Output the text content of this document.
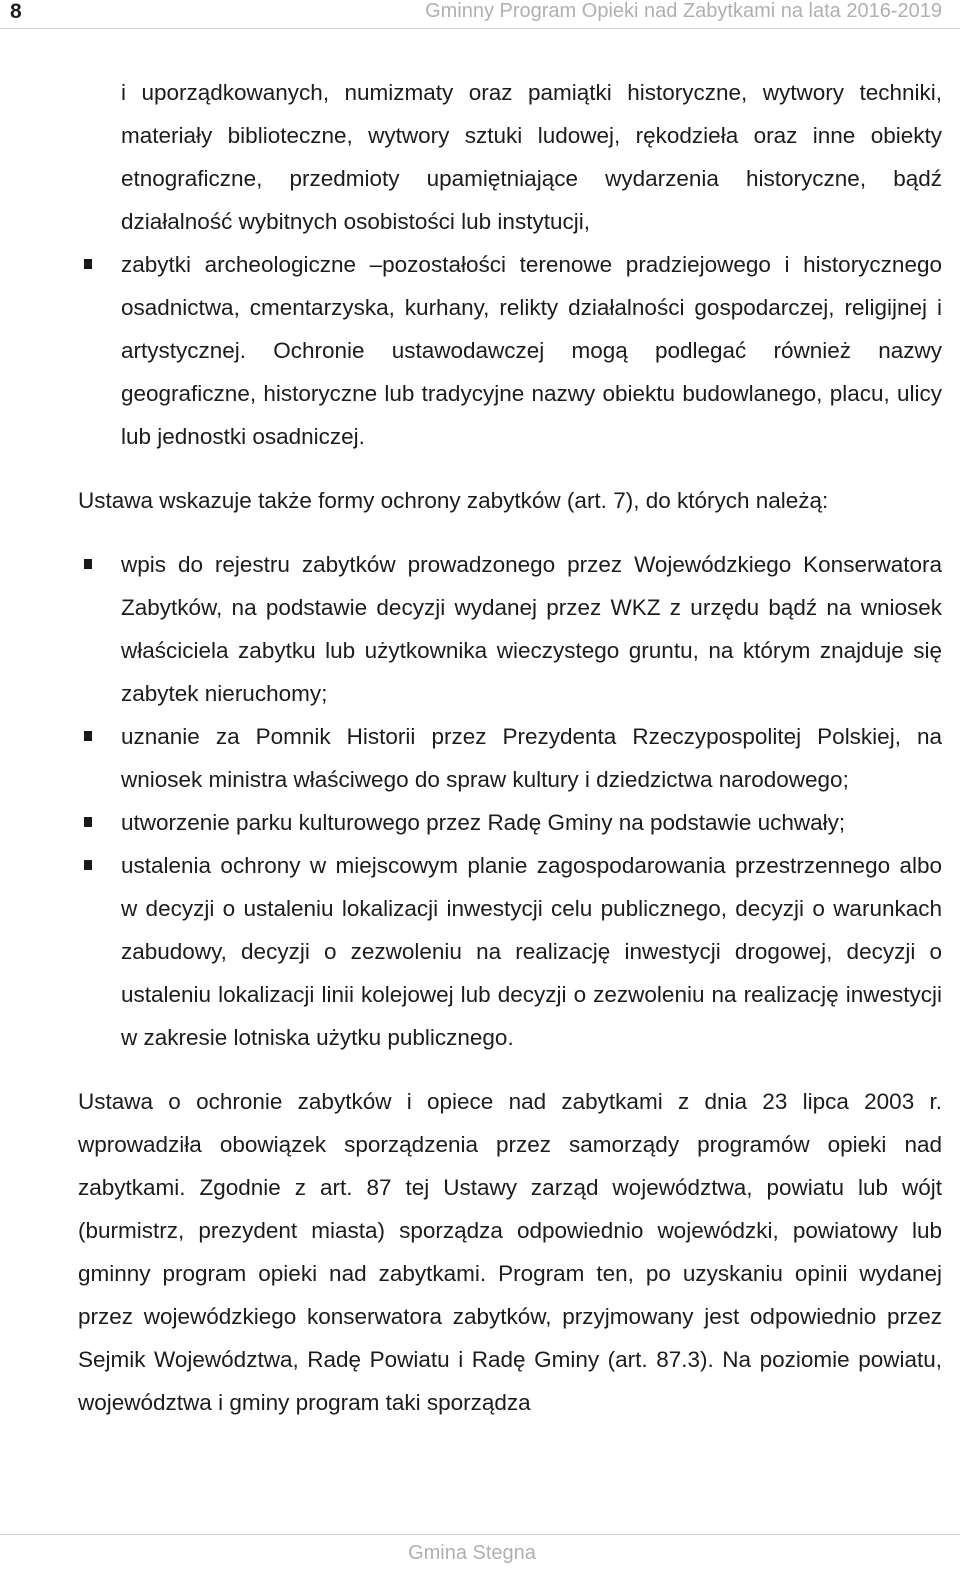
8	Gminny Program Opieki nad Zabytkami na lata 2016-2019

i uporządkowanych, numizmaty oraz pamiątki historyczne, wytwory techniki, materiały biblioteczne, wytwory sztuki ludowej, rękodzieła oraz inne obiekty etnograficzne, przedmioty upamiętniające wydarzenia historyczne, bądź działalność wybitnych osobistości lub instytucji,

zabytki archeologiczne –pozostałości terenowe pradziejowego i historycznego osadnictwa, cmentarzyska, kurhany, relikty działalności gospodarczej, religijnej i artystycznej. Ochronie ustawodawczej mogą podlegać również nazwy geograficzne, historyczne lub tradycyjne nazwy obiektu budowlanego, placu, ulicy lub jednostki osadniczej.

Ustawa wskazuje także formy ochrony zabytków (art. 7), do których należą:

wpis do rejestru zabytków prowadzonego przez Wojewódzkiego Konserwatora Zabytków, na podstawie decyzji wydanej przez WKZ z urzędu bądź na wniosek właściciela zabytku lub użytkownika wieczystego gruntu, na którym znajduje się zabytek nieruchomy;
uznanie za Pomnik Historii przez Prezydenta Rzeczypospolitej Polskiej, na wniosek ministra właściwego do spraw kultury i dziedzictwa narodowego;
utworzenie parku kulturowego przez Radę Gminy na podstawie uchwały;
ustalenia ochrony w miejscowym planie zagospodarowania przestrzennego albo w decyzji o ustaleniu lokalizacji inwestycji celu publicznego, decyzji o warunkach zabudowy, decyzji o zezwoleniu na realizację inwestycji drogowej, decyzji o ustaleniu lokalizacji linii kolejowej lub decyzji o zezwoleniu na realizację inwestycji w zakresie lotniska użytku publicznego.

Ustawa o ochronie zabytków i opiece nad zabytkami z dnia 23 lipca 2003 r. wprowadziła obowiązek sporządzenia przez samorządy programów opieki nad zabytkami. Zgodnie z art. 87 tej Ustawy zarząd województwa, powiatu lub wójt (burmistrz, prezydent miasta) sporządza odpowiednio wojewódzki, powiatowy lub gminny program opieki nad zabytkami. Program ten, po uzyskaniu opinii wydanej przez wojewódzkiego konserwatora zabytków, przyjmowany jest odpowiednio przez Sejmik Województwa, Radę Powiatu i Radę Gminy (art. 87.3). Na poziomie powiatu, województwa i gminy program taki sporządza

Gmina Stegna
